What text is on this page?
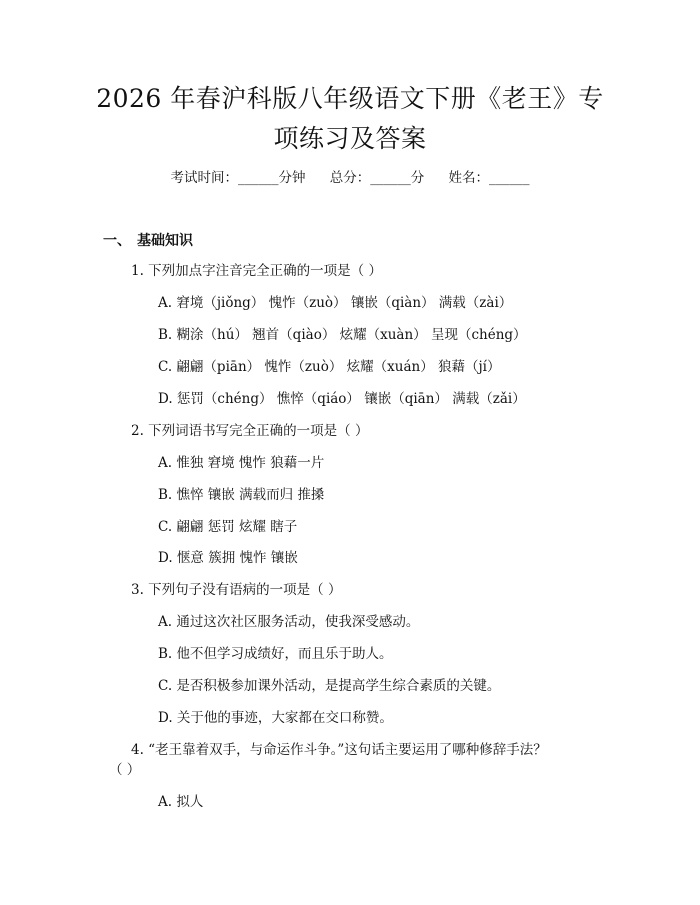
2026 年春沪科版八年级语文下册《老王》专
项练习及答案
考试时间：______分钟 总分：______分 姓名：______
一、 基础知识
1. 下列加点字注音完全正确的一项是（ ）
A. 窘境（jiǒng） 愧怍（zuò） 镶嵌（qiàn） 满载（zài）
B. 糊涂（hú） 翘首（qiào） 炫耀（xuàn） 呈现（chéng）
C. 翩翩（piān） 愧怍（zuò） 炫耀（xuán） 狼藉（jí）
D. 惩罚（chéng） 憔悴（qiáo） 镶嵌（qiān） 满载（zǎi）
2. 下列词语书写完全正确的一项是（ ）
A. 惟独 窘境 愧怍 狼藉一片
B. 憔悴 镶嵌 满载而归 推搡
C. 翩翩 惩罚 炫耀 瞎子
D. 惬意 簇拥 愧怍 镶嵌
3. 下列句子没有语病的一项是（ ）
A. 通过这次社区服务活动，使我深受感动。
B. 他不但学习成绩好，而且乐于助人。
C. 是否积极参加课外活动，是提高学生综合素质的关键。
D. 关于他的事迹，大家都在交口称赞。
4. “老王靠着双手，与命运作斗争。”这句话主要运用了哪种修辞手法？
（ ）
A. 拟人
